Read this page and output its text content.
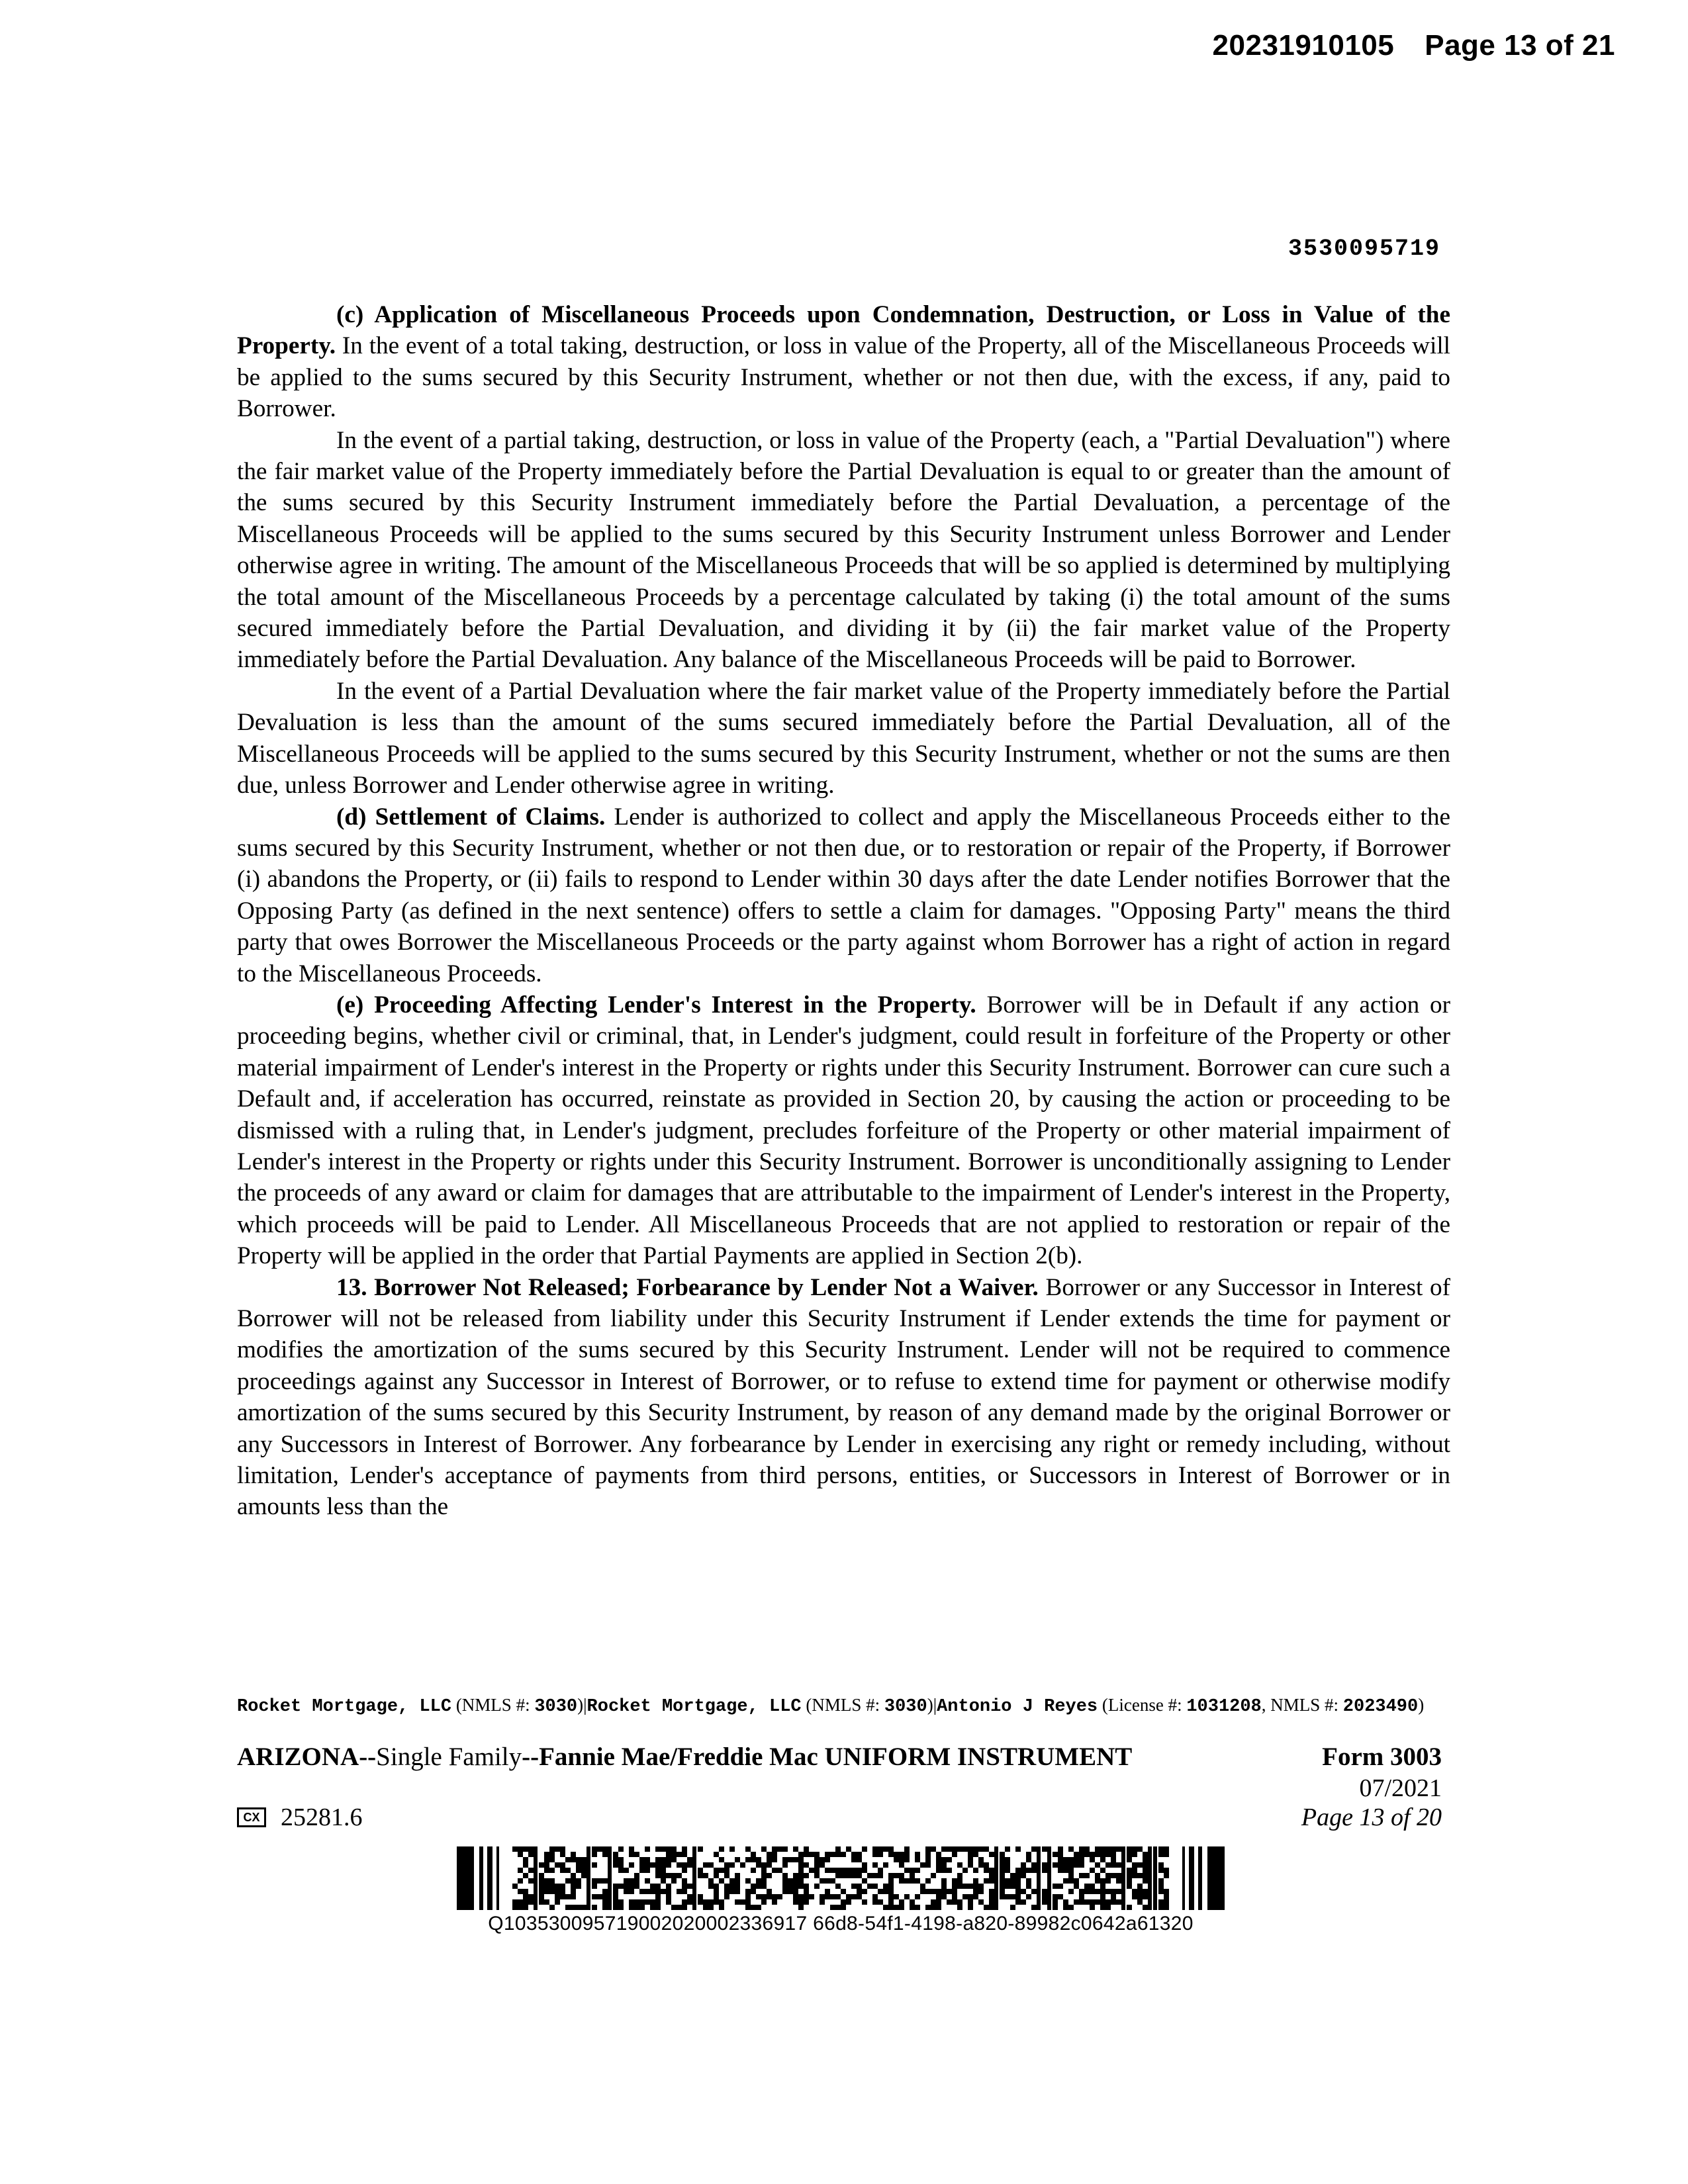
20231910105 Page 13 of 21
3530095719

(c) Application of Miscellaneous Proceeds upon Condemnation, Destruction, or Loss in Value of the Property. In the event of a total taking, destruction, or loss in value of the Property, all of the Miscellaneous Proceeds will be applied to the sums secured by this Security Instrument, whether or not then due, with the excess, if any, paid to Borrower.

In the event of a partial taking, destruction, or loss in value of the Property (each, a "Partial Devaluation") where the fair market value of the Property immediately before the Partial Devaluation is equal to or greater than the amount of the sums secured by this Security Instrument immediately before the Partial Devaluation, a percentage of the Miscellaneous Proceeds will be applied to the sums secured by this Security Instrument unless Borrower and Lender otherwise agree in writing. The amount of the Miscellaneous Proceeds that will be so applied is determined by multiplying the total amount of the Miscellaneous Proceeds by a percentage calculated by taking (i) the total amount of the sums secured immediately before the Partial Devaluation, and dividing it by (ii) the fair market value of the Property immediately before the Partial Devaluation. Any balance of the Miscellaneous Proceeds will be paid to Borrower.

In the event of a Partial Devaluation where the fair market value of the Property immediately before the Partial Devaluation is less than the amount of the sums secured immediately before the Partial Devaluation, all of the Miscellaneous Proceeds will be applied to the sums secured by this Security Instrument, whether or not the sums are then due, unless Borrower and Lender otherwise agree in writing.

(d) Settlement of Claims. Lender is authorized to collect and apply the Miscellaneous Proceeds either to the sums secured by this Security Instrument, whether or not then due, or to restoration or repair of the Property, if Borrower (i) abandons the Property, or (ii) fails to respond to Lender within 30 days after the date Lender notifies Borrower that the Opposing Party (as defined in the next sentence) offers to settle a claim for damages. "Opposing Party" means the third party that owes Borrower the Miscellaneous Proceeds or the party against whom Borrower has a right of action in regard to the Miscellaneous Proceeds.

(e) Proceeding Affecting Lender's Interest in the Property. Borrower will be in Default if any action or proceeding begins, whether civil or criminal, that, in Lender's judgment, could result in forfeiture of the Property or other material impairment of Lender's interest in the Property or rights under this Security Instrument. Borrower can cure such a Default and, if acceleration has occurred, reinstate as provided in Section 20, by causing the action or proceeding to be dismissed with a ruling that, in Lender's judgment, precludes forfeiture of the Property or other material impairment of Lender's interest in the Property or rights under this Security Instrument. Borrower is unconditionally assigning to Lender the proceeds of any award or claim for damages that are attributable to the impairment of Lender's interest in the Property, which proceeds will be paid to Lender. All Miscellaneous Proceeds that are not applied to restoration or repair of the Property will be applied in the order that Partial Payments are applied in Section 2(b).

13. Borrower Not Released; Forbearance by Lender Not a Waiver. Borrower or any Successor in Interest of Borrower will not be released from liability under this Security Instrument if Lender extends the time for payment or modifies the amortization of the sums secured by this Security Instrument. Lender will not be required to commence proceedings against any Successor in Interest of Borrower, or to refuse to extend time for payment or otherwise modify amortization of the sums secured by this Security Instrument, by reason of any demand made by the original Borrower or any Successors in Interest of Borrower. Any forbearance by Lender in exercising any right or remedy including, without limitation, Lender's acceptance of payments from third persons, entities, or Successors in Interest of Borrower or in amounts less than the

Rocket Mortgage, LLC (NMLS #: 3030)|Rocket Mortgage, LLC (NMLS #: 3030)|Antonio J Reyes (License #: 1031208, NMLS #: 2023490)
ARIZONA--Single Family--Fannie Mae/Freddie Mac UNIFORM INSTRUMENT	Form 3003
07/2021
Page 13 of 20
CX 25281.6
Q103530095719002020002336917 66d8-54f1-4198-a820-89982c0642a61320
